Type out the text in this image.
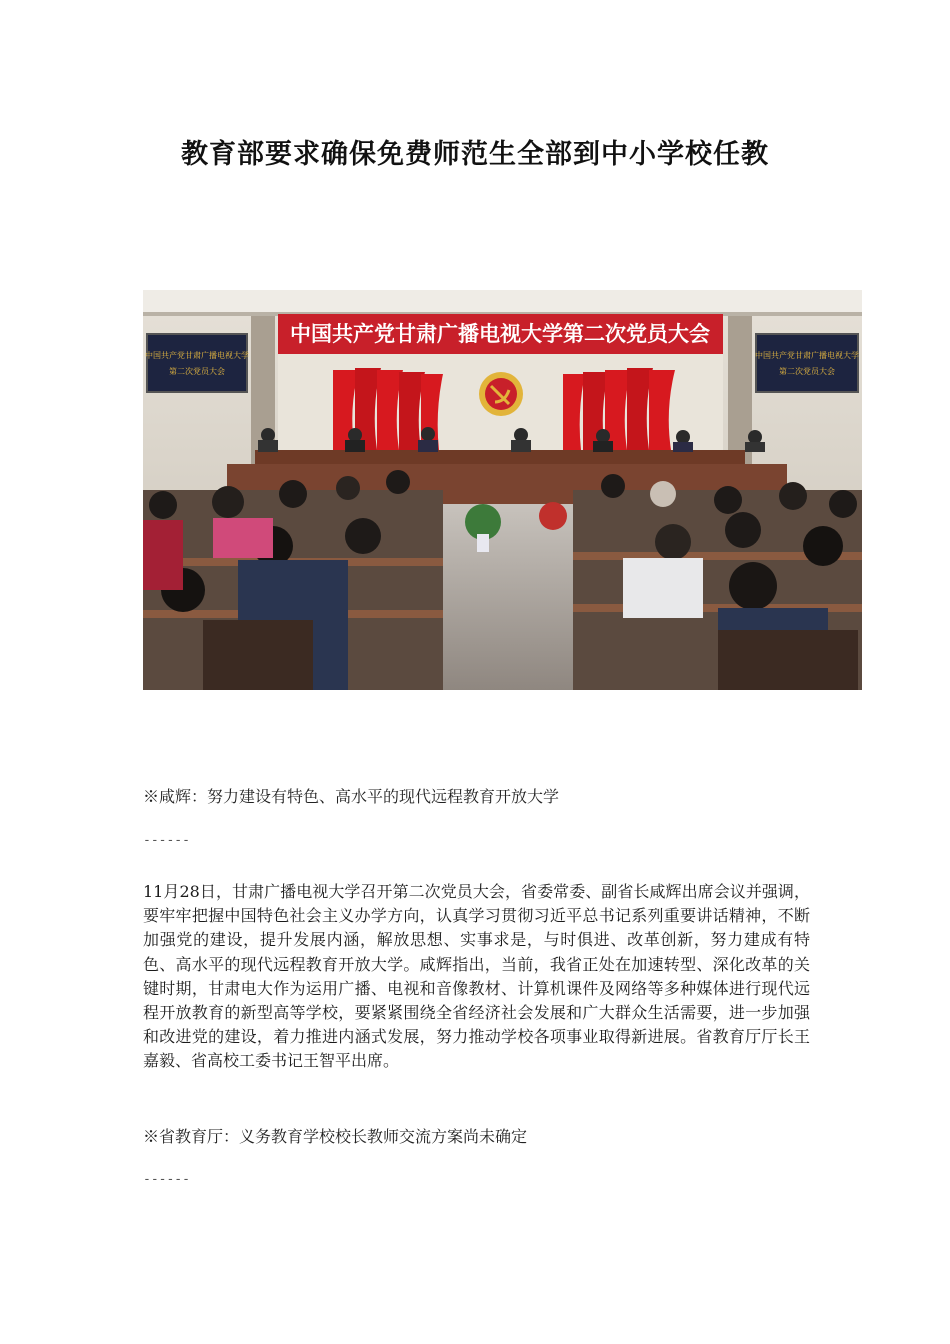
教育部要求确保免费师范生全部到中小学校任教
中国共产党甘肃广播电视大学第二次党员大会
中国共产党甘肃广播电视大学
第二次党员大会
中国共产党甘肃广播电视大学
第二次党员大会

※咸辉：努力建设有特色、高水平的现代远程教育开放大学

------

11月28日，甘肃广播电视大学召开第二次党员大会，省委常委、副省长咸辉出席会议并强调，要牢牢把握中国特色社会主义办学方向，认真学习贯彻习近平总书记系列重要讲话精神，不断加强党的建设，提升发展内涵，解放思想、实事求是，与时俱进、改革创新，努力建成有特色、高水平的现代远程教育开放大学。咸辉指出，当前，我省正处在加速转型、深化改革的关键时期，甘肃电大作为运用广播、电视和音像教材、计算机课件及网络等多种媒体进行现代远程开放教育的新型高等学校，要紧紧围绕全省经济社会发展和广大群众生活需要，进一步加强和改进党的建设，着力推进内涵式发展，努力推动学校各项事业取得新进展。省教育厅厅长王嘉毅、省高校工委书记王智平出席。

※省教育厅：义务教育学校校长教师交流方案尚未确定

------
